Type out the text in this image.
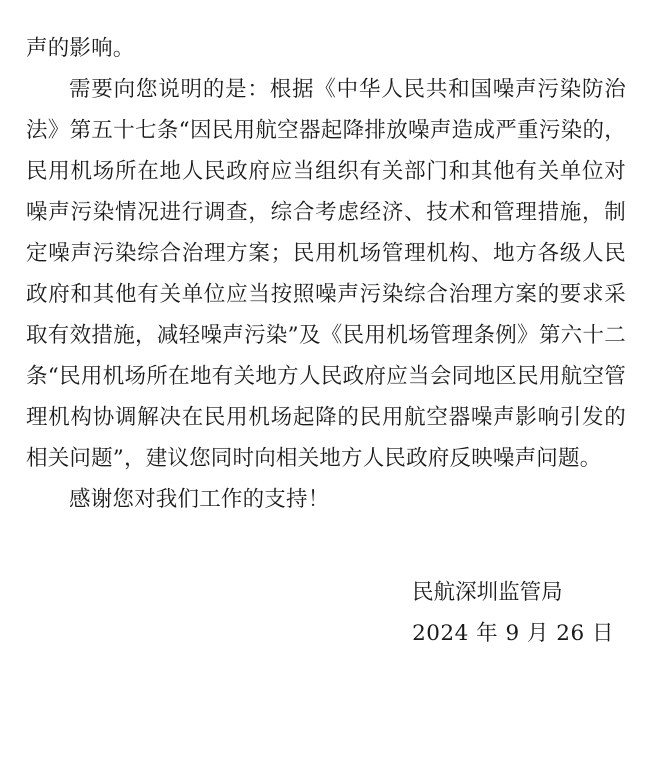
声的影响。

需要向您说明的是：根据《中华人民共和国噪声污染防治法》第五十七条“因民用航空器起降排放噪声造成严重污染的，民用机场所在地人民政府应当组织有关部门和其他有关单位对噪声污染情况进行调查，综合考虑经济、技术和管理措施，制定噪声污染综合治理方案；民用机场管理机构、地方各级人民政府和其他有关单位应当按照噪声污染综合治理方案的要求采取有效措施，减轻噪声污染”及《民用机场管理条例》第六十二条“民用机场所在地有关地方人民政府应当会同地区民用航空管理机构协调解决在民用机场起降的民用航空器噪声影响引发的相关问题”，建议您同时向相关地方人民政府反映噪声问题。

感谢您对我们工作的支持！

民航深圳监管局
2024 年 9 月 26 日
